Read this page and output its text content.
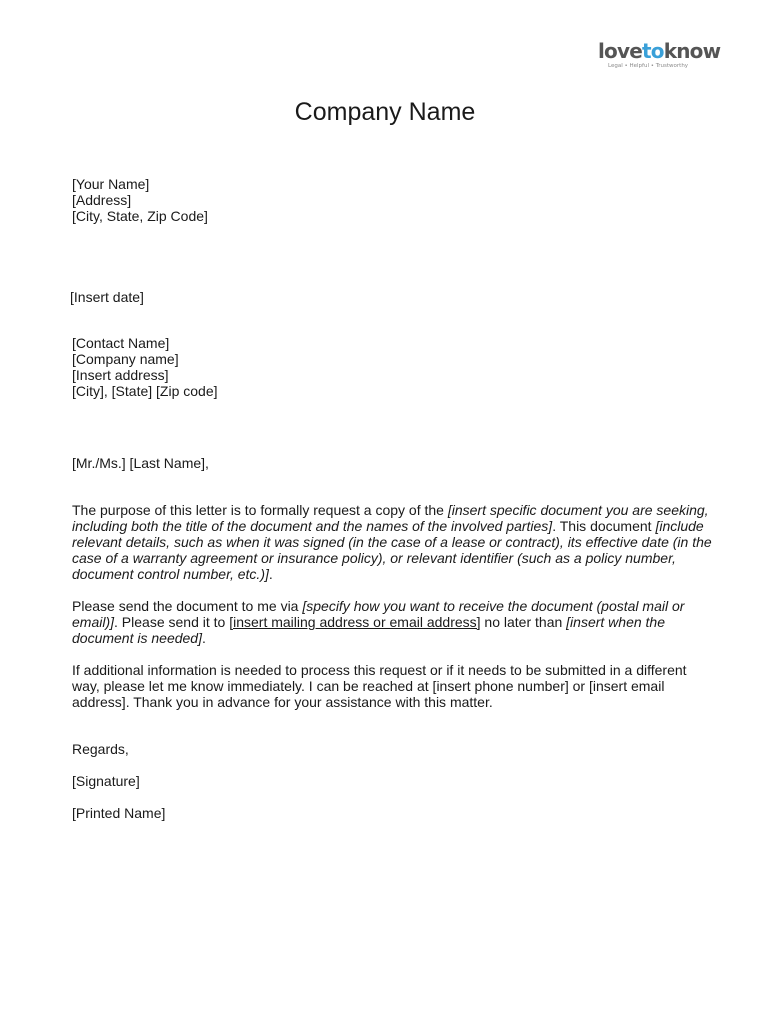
lovetoknow
Legal • Helpful • Trustworthy
Company Name
[Your Name]
[Address]
[City, State, Zip Code]
[Insert date]
[Contact Name]
[Company name]
[Insert address]
[City], [State] [Zip code]
[Mr./Ms.] [Last Name],
The purpose of this letter is to formally request a copy of the [insert specific document you are seeking, including both the title of the document and the names of the involved parties]. This document [include relevant details, such as when it was signed (in the case of a lease or contract), its effective date (in the case of a warranty agreement or insurance policy), or relevant identifier (such as a policy number, document control number, etc.)].
Please send the document to me via [specify how you want to receive the document (postal mail or email)]. Please send it to [insert mailing address or email address] no later than [insert when the document is needed].
If additional information is needed to process this request or if it needs to be submitted in a different way, please let me know immediately. I can be reached at [insert phone number] or [insert email address]. Thank you in advance for your assistance with this matter.
Regards,
[Signature]
[Printed Name]
